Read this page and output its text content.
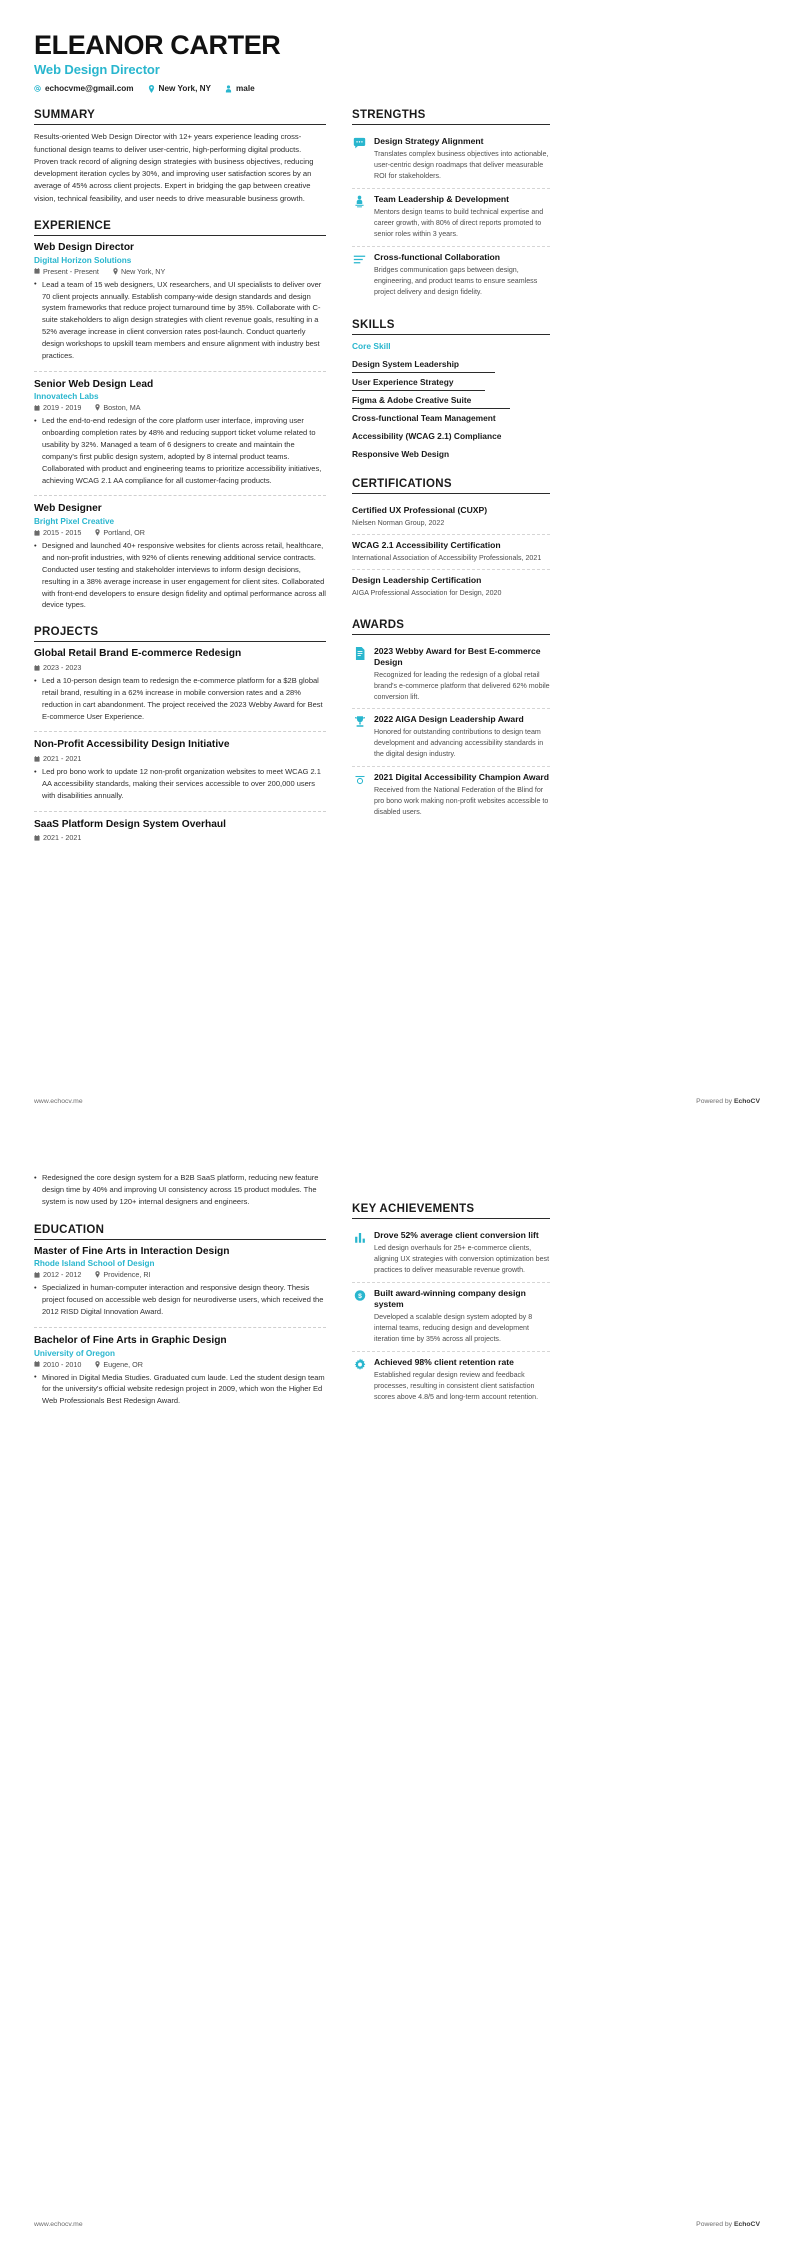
ELEANOR CARTER
Web Design Director
echocvme@gmail.com	New York, NY	male
SUMMARY
Results-oriented Web Design Director with 12+ years experience leading cross-functional design teams to deliver user-centric, high-performing digital products. Proven track record of aligning design strategies with business objectives, reducing development iteration cycles by 30%, and improving user satisfaction scores by an average of 45% across client projects. Expert in bridging the gap between creative vision, technical feasibility, and user needs to drive measurable business growth.
EXPERIENCE
Web Design Director
Digital Horizon Solutions
Present - Present	New York, NY
• Lead a team of 15 web designers, UX researchers, and UI specialists to deliver over 70 client projects annually. Establish company-wide design standards and design system frameworks that reduce project turnaround time by 35%. Collaborate with C-suite stakeholders to align design strategies with client revenue goals, resulting in a 52% average increase in client conversion rates post-launch. Conduct quarterly design workshops to upskill team members and ensure alignment with industry best practices.
Senior Web Design Lead
Innovatech Labs
2019 - 2019	Boston, MA
• Led the end-to-end redesign of the core platform user interface, improving user onboarding completion rates by 48% and reducing support ticket volume related to usability by 32%. Managed a team of 6 designers to create and maintain the company's first public design system, adopted by 8 internal product teams. Collaborated with product and engineering teams to prioritize accessibility initiatives, achieving WCAG 2.1 AA compliance for all customer-facing products.
Web Designer
Bright Pixel Creative
2015 - 2015	Portland, OR
• Designed and launched 40+ responsive websites for clients across retail, healthcare, and non-profit industries, with 92% of clients renewing additional service contracts. Conducted user testing and stakeholder interviews to inform design decisions, resulting in a 38% average increase in user engagement for client sites. Collaborated with front-end developers to ensure design fidelity and optimal performance across all device types.
PROJECTS
Global Retail Brand E-commerce Redesign
2023 - 2023
• Led a 10-person design team to redesign the e-commerce platform for a $2B global retail brand, resulting in a 62% increase in mobile conversion rates and a 28% reduction in cart abandonment. The project received the 2023 Webby Award for Best E-commerce User Experience.
Non-Profit Accessibility Design Initiative
2021 - 2021
• Led pro bono work to update 12 non-profit organization websites to meet WCAG 2.1 AA accessibility standards, making their services accessible to over 200,000 users with disabilities annually.
SaaS Platform Design System Overhaul
2021 - 2021
STRENGTHS
Design Strategy Alignment
Translates complex business objectives into actionable, user-centric design roadmaps that deliver measurable ROI for stakeholders.
Team Leadership & Development
Mentors design teams to build technical expertise and career growth, with 80% of direct reports promoted to senior roles within 3 years.
Cross-functional Collaboration
Bridges communication gaps between design, engineering, and product teams to ensure seamless project delivery and design fidelity.
SKILLS
Core Skill
Design System Leadership
User Experience Strategy
Figma & Adobe Creative Suite
Cross-functional Team Management
Accessibility (WCAG 2.1) Compliance
Responsive Web Design
CERTIFICATIONS
Certified UX Professional (CUXP)
Nielsen Norman Group, 2022
WCAG 2.1 Accessibility Certification
International Association of Accessibility Professionals, 2021
Design Leadership Certification
AIGA Professional Association for Design, 2020
AWARDS
2023 Webby Award for Best E-commerce Design
Recognized for leading the redesign of a global retail brand's e-commerce platform that delivered 62% mobile conversion lift.
2022 AIGA Design Leadership Award
Honored for outstanding contributions to design team development and advancing accessibility standards in the digital design industry.
2021 Digital Accessibility Champion Award
Received from the National Federation of the Blind for pro bono work making non-profit websites accessible to disabled users.
www.echocv.me	Powered by EchoCV
• Redesigned the core design system for a B2B SaaS platform, reducing new feature design time by 40% and improving UI consistency across 15 product modules. The system is now used by 120+ internal designers and engineers.
EDUCATION
Master of Fine Arts in Interaction Design
Rhode Island School of Design
2012 - 2012	Providence, RI
• Specialized in human-computer interaction and responsive design theory. Thesis project focused on accessible web design for neurodiverse users, which received the 2012 RISD Digital Innovation Award.
Bachelor of Fine Arts in Graphic Design
University of Oregon
2010 - 2010	Eugene, OR
• Minored in Digital Media Studies. Graduated cum laude. Led the student design team for the university's official website redesign project in 2009, which won the Higher Ed Web Professionals Best Redesign Award.
KEY ACHIEVEMENTS
Drove 52% average client conversion lift
Led design overhauls for 25+ e-commerce clients, aligning UX strategies with conversion optimization best practices to deliver measurable revenue growth.
$ Built award-winning company design system
Developed a scalable design system adopted by 8 internal teams, reducing design and development iteration time by 35% across all projects.
Achieved 98% client retention rate
Established regular design review and feedback processes, resulting in consistent client satisfaction scores above 4.8/5 and long-term account retention.
www.echocv.me	Powered by EchoCV
